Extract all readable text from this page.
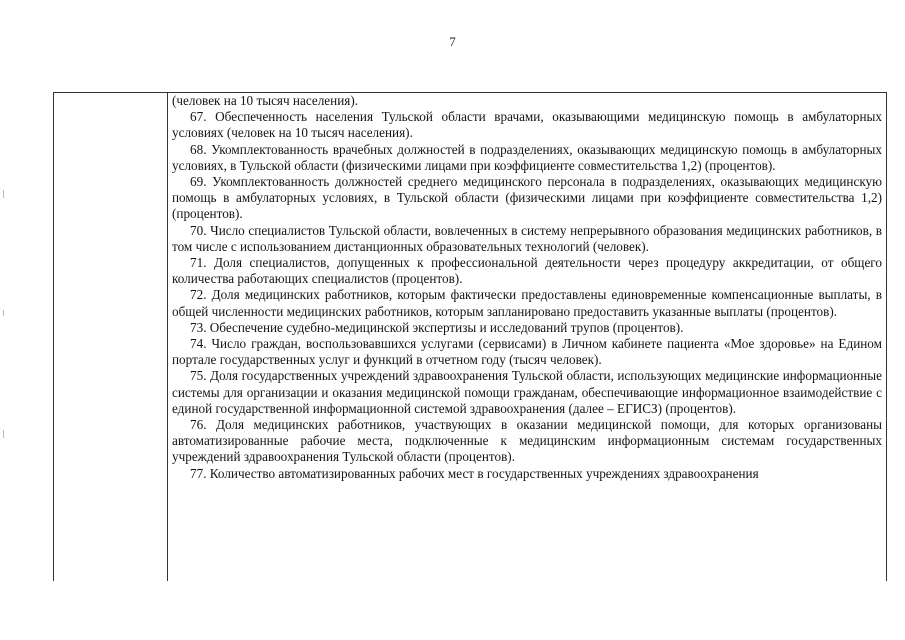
7

(человек на 10 тысяч населения).

67. Обеспеченность населения Тульской области врачами, оказывающими медицинскую помощь в амбулаторных условиях (человек на 10 тысяч населения).

68. Укомплектованность врачебных должностей в подразделениях, оказывающих медицинскую помощь в амбулаторных условиях, в Тульской области (физическими лицами при коэффициенте совместительства 1,2) (процентов).

69. Укомплектованность должностей среднего медицинского персонала в подразделениях, оказывающих медицинскую помощь в амбулаторных условиях, в Тульской области (физическими лицами при коэффициенте совместительства 1,2) (процентов).

70. Число специалистов Тульской области, вовлеченных в систему непрерывного образования медицинских работников, в том числе с использованием дистанционных образовательных технологий (человек).

71. Доля специалистов, допущенных к профессиональной деятельности через процедуру аккредитации, от общего количества работающих специалистов (процентов).

72. Доля медицинских работников, которым фактически предоставлены единовременные компенсационные выплаты, в общей численности медицинских работников, которым запланировано предоставить указанные выплаты (процентов).

73. Обеспечение судебно-медицинской экспертизы и исследований трупов (процентов).

74. Число граждан, воспользовавшихся услугами (сервисами) в Личном кабинете пациента «Мое здоровье» на Едином портале государственных услуг и функций в отчетном году (тысяч человек).

75. Доля государственных учреждений здравоохранения Тульской области, использующих медицинские информационные системы для организации и оказания медицинской помощи гражданам, обеспечивающие информационное взаимодействие с единой государственной информационной системой здравоохранения (далее – ЕГИСЗ) (процентов).

76. Доля медицинских работников, участвующих в оказании медицинской помощи, для которых организованы автоматизированные рабочие места, подключенные к медицинским информационным системам государственных учреждений здравоохранения Тульской области (процентов).

77. Количество автоматизированных рабочих мест в государственных учреждениях здравоохранения
